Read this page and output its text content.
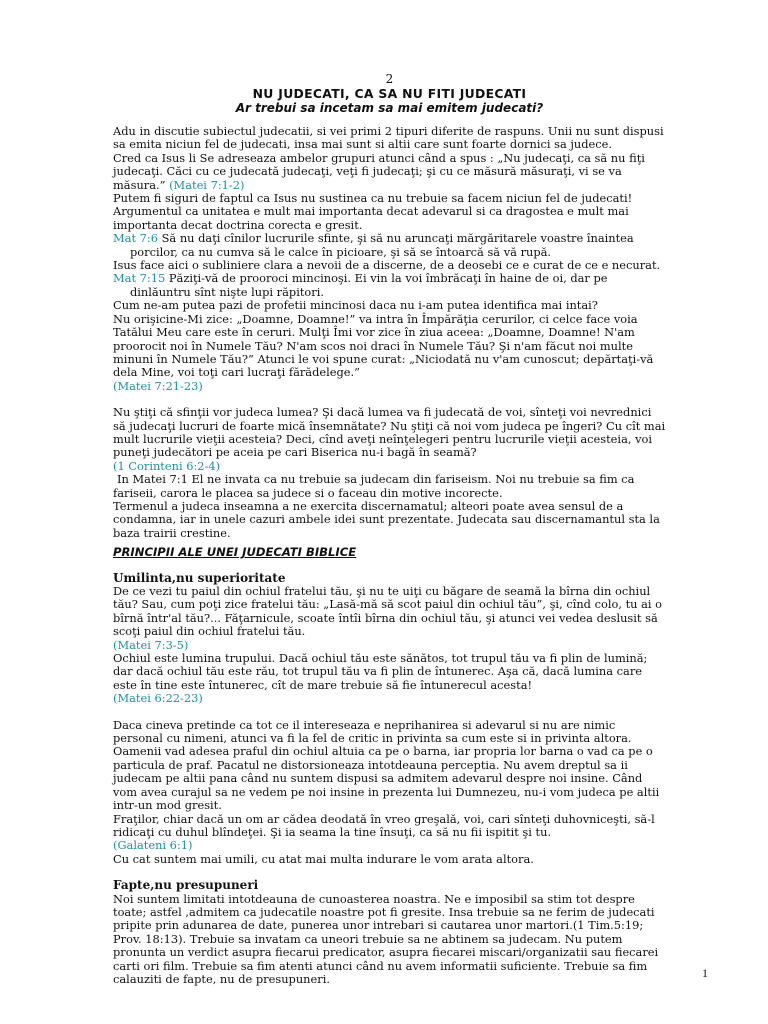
2
NU JUDECATI, CA SA NU FITI JUDECATI
Ar trebui sa incetam sa mai emitem judecati?

Adu in discutie subiectul judecatii, si vei primi 2 tipuri diferite de raspuns. Unii nu sunt dispusi sa emita niciun fel de judecati, insa mai sunt si altii care sunt foarte dornici sa judece.

Cred ca Isus li Se adreseaza ambelor grupuri atunci când a spus : „Nu judecaţi, ca să nu fiţi judecaţi. Căci cu ce judecată judecaţi, veţi fi judecaţi; şi cu ce măsură măsuraţi, vi se va măsura.” (Matei 7:1-2)

Putem fi siguri de faptul ca Isus nu sustinea ca nu trebuie sa facem niciun fel de judecati! Argumentul ca unitatea e mult mai importanta decat adevarul si ca dragostea e mult mai importanta decat doctrina corecta e gresit.

Mat 7:6 Să nu daţi cînilor lucrurile sfinte, şi să nu aruncaţi mărgăritarele voastre înaintea porcilor, ca nu cumva să le calce în picioare, şi să se întoarcă să vă rupă.

Isus face aici o subliniere clara a nevoii de a discerne, de a deosebi ce e curat de ce e necurat.

Mat 7:15 Păziţi-vă de prooroci mincinoşi. Ei vin la voi îmbrăcaţi în haine de oi, dar pe dinlăuntru sînt nişte lupi răpitori.

Cum ne-am putea pazi de profetii mincinosi daca nu i-am putea identifica mai intai?

Nu orişicine-Mi zice: „Doamne, Doamne!” va intra în Împărăţia cerurilor, ci celce face voia Tatălui Meu care este în ceruri. Mulţi Îmi vor zice în ziua aceea: „Doamne, Doamne! N'am proorocit noi în Numele Tău? N'am scos noi draci în Numele Tău? Şi n'am făcut noi multe minuni în Numele Tău?” Atunci le voi spune curat: „Niciodată nu v'am cunoscut; depărtaţi-vă dela Mine, voi toţi cari lucraţi fărădelege.”

(Matei 7:21-23)

Nu ştiţi că sfinţii vor judeca lumea? Şi dacă lumea va fi judecată de voi, sînteţi voi nevrednici să judecaţi lucruri de foarte mică însemnătate? Nu ştiţi că noi vom judeca pe îngeri? Cu cît mai mult lucrurile vieţii acesteia? Deci, cînd aveţi neînţelegeri pentru lucrurile vieţii acesteia, voi puneţi judecători pe aceia pe cari Biserica nu-i bagă în seamă?

(1 Corinteni 6:2-4)

In Matei 7:1 El ne invata ca nu trebuie sa judecam din fariseism. Noi nu trebuie sa fim ca fariseii, carora le placea sa judece si o faceau din motive incorecte.

Termenul a judeca inseamna a ne exercita discernamatul; alteori poate avea sensul de a condamna, iar in unele cazuri ambele idei sunt prezentate. Judecata sau discernamantul sta la baza trairii crestine.

PRINCIPII ALE UNEI JUDECATI BIBLICE
Umilinta,nu superioritate

De ce vezi tu paiul din ochiul fratelui tău, şi nu te uiţi cu băgare de seamă la bîrna din ochiul tău? Sau, cum poţi zice fratelui tău: „Lasă-mă să scot paiul din ochiul tău”, şi, cînd colo, tu ai o bîrnă într'al tău?... Făţarnicule, scoate întîi bîrna din ochiul tău, şi atunci vei vedea deslusit să scoţi paiul din ochiul fratelui tău.

(Matei 7:3-5)

Ochiul este lumina trupului. Dacă ochiul tău este sănătos, tot trupul tău va fi plin de lumină; dar dacă ochiul tău este rău, tot trupul tău va fi plin de întunerec. Aşa că, dacă lumina care este în tine este întunerec, cît de mare trebuie să fie întunerecul acesta!

(Matei 6:22-23)

Daca cineva pretinde ca tot ce il intereseaza e neprihanirea si adevarul si nu are nimic personal cu nimeni, atunci va fi la fel de critic in privinta sa cum este si in privinta altora.

Oamenii vad adesea praful din ochiul altuia ca pe o barna, iar propria lor barna o vad ca pe o particula de praf. Pacatul ne distorsioneaza intotdeauna perceptia. Nu avem dreptul sa ii judecam pe altii pana când nu suntem dispusi sa admitem adevarul despre noi insine. Când vom avea curajul sa ne vedem pe noi insine in prezenta lui Dumnezeu, nu-i vom judeca pe altii intr-un mod gresit.

Fraţilor, chiar dacă un om ar cădea deodată în vreo greşală, voi, cari sînteţi duhovniceşti, să-l ridicaţi cu duhul blîndeţei. Şi ia seama la tine însuţi, ca să nu fii ispitit şi tu.

(Galateni 6:1)

Cu cat suntem mai umili, cu atat mai multa indurare le vom arata altora.

Fapte,nu presupuneri

Noi suntem limitati intotdeauna de cunoasterea noastra. Ne e imposibil sa stim tot despre toate; astfel ,admitem ca judecatile noastre pot fi gresite. Insa trebuie sa ne ferim de judecati pripite prin adunarea de date, punerea unor intrebari si cautarea unor martori.(1 Tim.5:19; Prov. 18:13). Trebuie sa invatam ca uneori trebuie sa ne abtinem sa judecam. Nu putem pronunta un verdict asupra fiecarui predicator, asupra fiecarei miscari/organizatii sau fiecarei carti ori film. Trebuie sa fim atenti atunci când nu avem informatii suficiente. Trebuie sa fim calauziti de fapte, nu de presupuneri.	1
